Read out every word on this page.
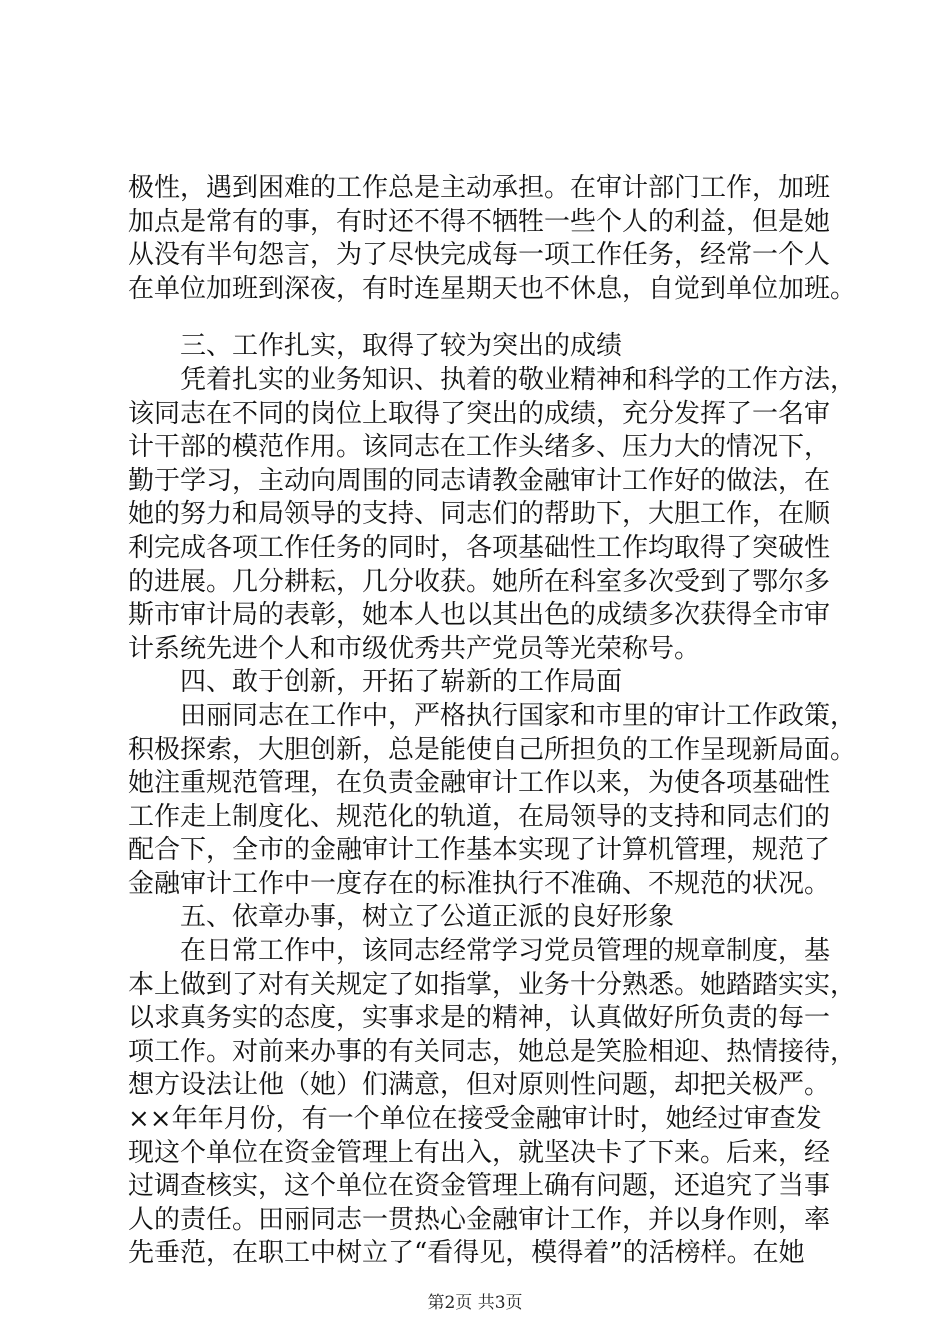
极性，遇到困难的工作总是主动承担。在审计部门工作，加班
加点是常有的事，有时还不得不牺牲一些个人的利益，但是她
从没有半句怨言，为了尽快完成每一项工作任务，经常一个人
在单位加班到深夜，有时连星期天也不休息，自觉到单位加班。
三、工作扎实，取得了较为突出的成绩
凭着扎实的业务知识、执着的敬业精神和科学的工作方法，
该同志在不同的岗位上取得了突出的成绩，充分发挥了一名审
计干部的模范作用。该同志在工作头绪多、压力大的情况下，
勤于学习，主动向周围的同志请教金融审计工作好的做法，在
她的努力和局领导的支持、同志们的帮助下，大胆工作，在顺
利完成各项工作任务的同时，各项基础性工作均取得了突破性
的进展。几分耕耘，几分收获。她所在科室多次受到了鄂尔多
斯市审计局的表彰，她本人也以其出色的成绩多次获得全市审
计系统先进个人和市级优秀共产党员等光荣称号。
四、敢于创新，开拓了崭新的工作局面
田丽同志在工作中，严格执行国家和市里的审计工作政策，
积极探索，大胆创新，总是能使自己所担负的工作呈现新局面。
她注重规范管理，在负责金融审计工作以来，为使各项基础性
工作走上制度化、规范化的轨道，在局领导的支持和同志们的
配合下，全市的金融审计工作基本实现了计算机管理，规范了
金融审计工作中一度存在的标准执行不准确、不规范的状况。
五、依章办事，树立了公道正派的良好形象
在日常工作中，该同志经常学习党员管理的规章制度，基
本上做到了对有关规定了如指掌，业务十分熟悉。她踏踏实实，
以求真务实的态度，实事求是的精神，认真做好所负责的每一
项工作。对前来办事的有关同志，她总是笑脸相迎、热情接待，
想方设法让他（她）们满意，但对原则性问题，却把关极严。
××年年月份，有一个单位在接受金融审计时，她经过审查发
现这个单位在资金管理上有出入，就坚决卡了下来。后来，经
过调查核实，这个单位在资金管理上确有问题，还追究了当事
人的责任。田丽同志一贯热心金融审计工作，并以身作则，率
先垂范，在职工中树立了“看得见，模得着”的活榜样。在她
第2页 共3页
